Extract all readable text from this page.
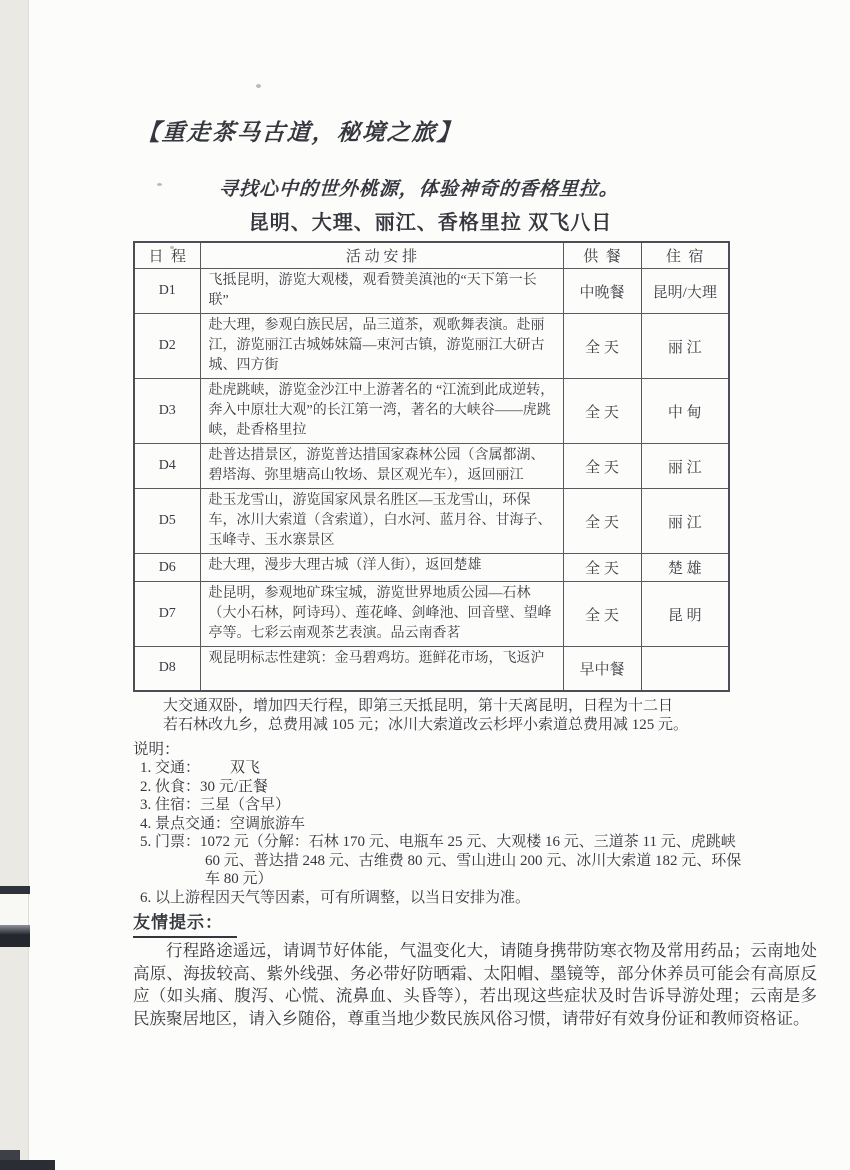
【重走茶马古道，秘境之旅】
寻找心中的世外桃源，体验神奇的香格里拉。
昆明、大理、丽江、香格里拉 双飞八日
日  程	活 动 安 排	供  餐	住  宿
D1	飞抵昆明，游览大观楼，观看赞美滇池的“天下第一长联”	中晚餐	昆明/大理
D2	赴大理，参观白族民居，品三道茶，观歌舞表演。赴丽江，游览丽江古城姊妹篇—束河古镇，游览丽江大研古城、四方街	全 天	丽 江
D3	赴虎跳峡，游览金沙江中上游著名的 “江流到此成逆转，奔入中原壮大观”的长江第一湾，著名的大峡谷——虎跳峡，赴香格里拉	全 天	中 甸
D4	赴普达措景区，游览普达措国家森林公园（含属都湖、碧塔海、弥里塘高山牧场、景区观光车），返回丽江	全 天	丽 江
D5	赴玉龙雪山，游览国家风景名胜区—玉龙雪山，环保车，冰川大索道（含索道），白水河、蓝月谷、甘海子、玉峰寺、玉水寨景区	全 天	丽 江
D6	赴大理，漫步大理古城（洋人街），返回楚雄	全 天	楚 雄
D7	赴昆明，参观地矿珠宝城，游览世界地质公园—石林（大小石林，阿诗玛）、莲花峰、剑峰池、回音壁、望峰亭等。七彩云南观茶艺表演。品云南香茗	全 天	昆 明
D8	观昆明标志性建筑：金马碧鸡坊。逛鲜花市场，飞返沪	早中餐	
大交通双卧，增加四天行程，即第三天抵昆明，第十天离昆明，日程为十二日
若石林改九乡，总费用减 105 元；冰川大索道改云杉坪小索道总费用减 125 元。
说明：
1. 交通：        双飞
2. 伙食：30 元/正餐
3. 住宿：三星（含早）
4. 景点交通：空调旅游车
5. 门票：1072 元（分解：石林 170 元、电瓶车 25 元、大观楼 16 元、三道茶 11 元、虎跳峡 60 元、普达措 248 元、古维费 80 元、雪山进山 200 元、冰川大索道 182 元、环保车 80 元）
6. 以上游程因天气等因素，可有所调整，以当日安排为准。
友情提示：
行程路途遥远，请调节好体能，气温变化大，请随身携带防寒衣物及常用药品；云南地处高原、海拔较高、紫外线强、务必带好防晒霜、太阳帽、墨镜等，部分休养员可能会有高原反应（如头痛、腹泻、心慌、流鼻血、头昏等），若出现这些症状及时告诉导游处理；云南是多民族聚居地区，请入乡随俗，尊重当地少数民族风俗习惯，请带好有效身份证和教师资格证。
